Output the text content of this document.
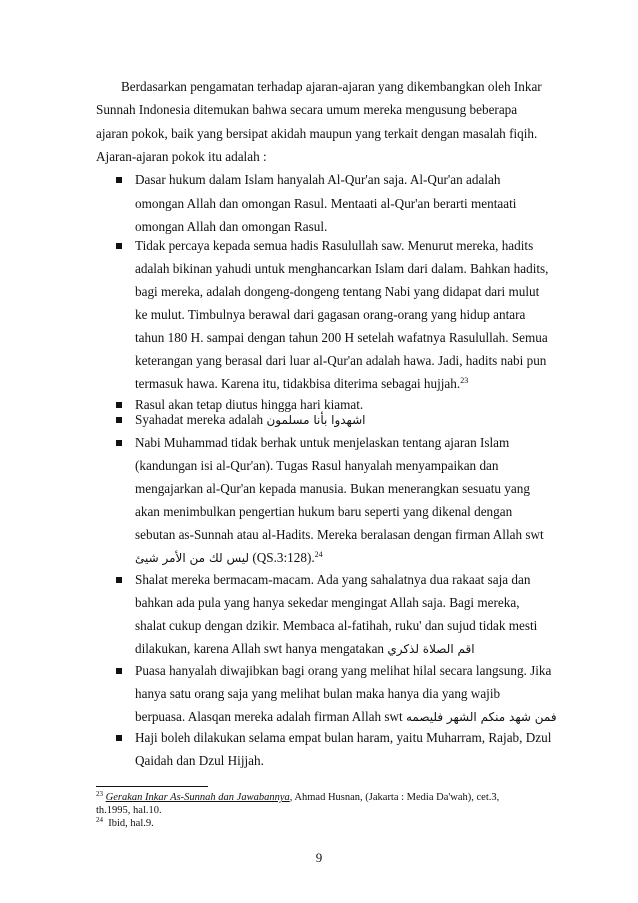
Berdasarkan pengamatan terhadap ajaran-ajaran yang dikembangkan oleh Inkar
Sunnah Indonesia ditemukan bahwa secara umum mereka mengusung beberapa
ajaran pokok, baik yang bersipat akidah maupun yang terkait dengan masalah fiqih.
Ajaran-ajaran pokok itu adalah :
Dasar hukum dalam Islam hanyalah Al-Qur'an saja. Al-Qur'an adalah
omongan Allah dan omongan Rasul. Mentaati al-Qur'an berarti mentaati
omongan Allah dan omongan Rasul.
Tidak percaya kepada semua hadis Rasulullah saw. Menurut mereka, hadits
adalah bikinan yahudi untuk menghancarkan Islam dari dalam. Bahkan hadits,
bagi mereka, adalah dongeng-dongeng tentang Nabi yang didapat dari mulut
ke mulut. Timbulnya berawal dari gagasan orang-orang yang hidup antara
tahun 180 H. sampai dengan tahun 200 H setelah wafatnya Rasulullah. Semua
keterangan yang berasal dari luar al-Qur'an adalah hawa. Jadi, hadits nabi pun
termasuk hawa. Karena itu, tidakbisa diterima sebagai hujjah.$^{23}$
Rasul akan tetap diutus hingga hari kiamat.
Syahadat mereka adalah اشهدوا بأنا مسلمون
Nabi Muhammad tidak berhak untuk menjelaskan tentang ajaran Islam
(kandungan isi al-Qur'an). Tugas Rasul hanyalah menyampaikan dan
mengajarkan al-Qur'an kepada manusia. Bukan menerangkan sesuatu yang
akan menimbulkan pengertian hukum baru seperti yang dikenal dengan
sebutan as-Sunnah atau al-Hadits. Mereka beralasan dengan firman Allah swt
ليس لك من الأمر شيئ (QS.3:128).$^{24}$
Shalat mereka bermacam-macam. Ada yang sahalatnya dua rakaat saja dan
bahkan ada pula yang hanya sekedar mengingat Allah saja. Bagi mereka,
shalat cukup dengan dzikir. Membaca al-fatihah, ruku' dan sujud tidak mesti
dilakukan, karena Allah swt hanya mengatakan اقم الصلاة لذكري
Puasa hanyalah diwajibkan bagi orang yang melihat hilal secara langsung. Jika
hanya satu orang saja yang melihat bulan maka hanya dia yang wajib
berpuasa. Alasqan mereka adalah firman Allah swt فمن شهد منكم الشهر فليصمه
Haji boleh dilakukan selama empat bulan haram, yaitu Muharram, Rajab, Dzul
Qaidah dan Dzul Hijjah.
$^{23}$ Gerakan Inkar As-Sunnah dan Jawabannya, Ahmad Husnan, (Jakarta : Media Da'wah), cet.3,
th.1995, hal.10.
$^{24}$  Ibid, hal.9.
9
